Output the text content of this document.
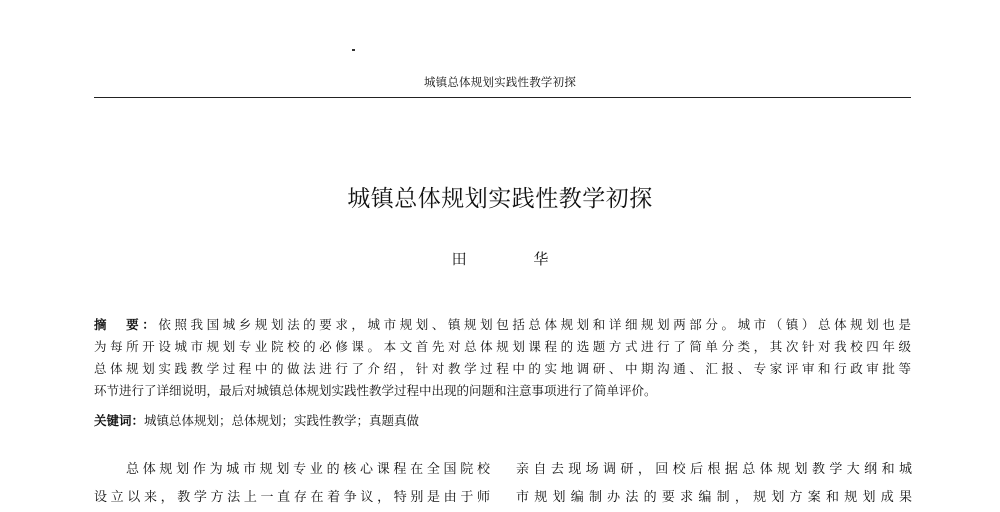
城镇总体规划实践性教学初探
城镇总体规划实践性教学初探
田 华
摘　要：依照我国城乡规划法的要求，城市规划、镇规划包括总体规划和详细规划两部分。城市（镇）总体规划也是
为每所开设城市规划专业院校的必修课。本文首先对总体规划课程的选题方式进行了简单分类，其次针对我校四年级
总体规划实践教学过程中的做法进行了介绍，针对教学过程中的实地调研、中期沟通、汇报、专家评审和行政审批等
环节进行了详细说明，最后对城镇总体规划实践性教学过程中出现的问题和注意事项进行了简单评价。
关键词：城镇总体规划；总体规划；实践性教学；真题真做
总体规划作为城市规划专业的核心课程在全国院校
设立以来，教学方法上一直存在着争议，特别是由于师
亲自去现场调研，回校后根据总体规划教学大纲和城
市规划编制办法的要求编制，规划方案和规划成果
